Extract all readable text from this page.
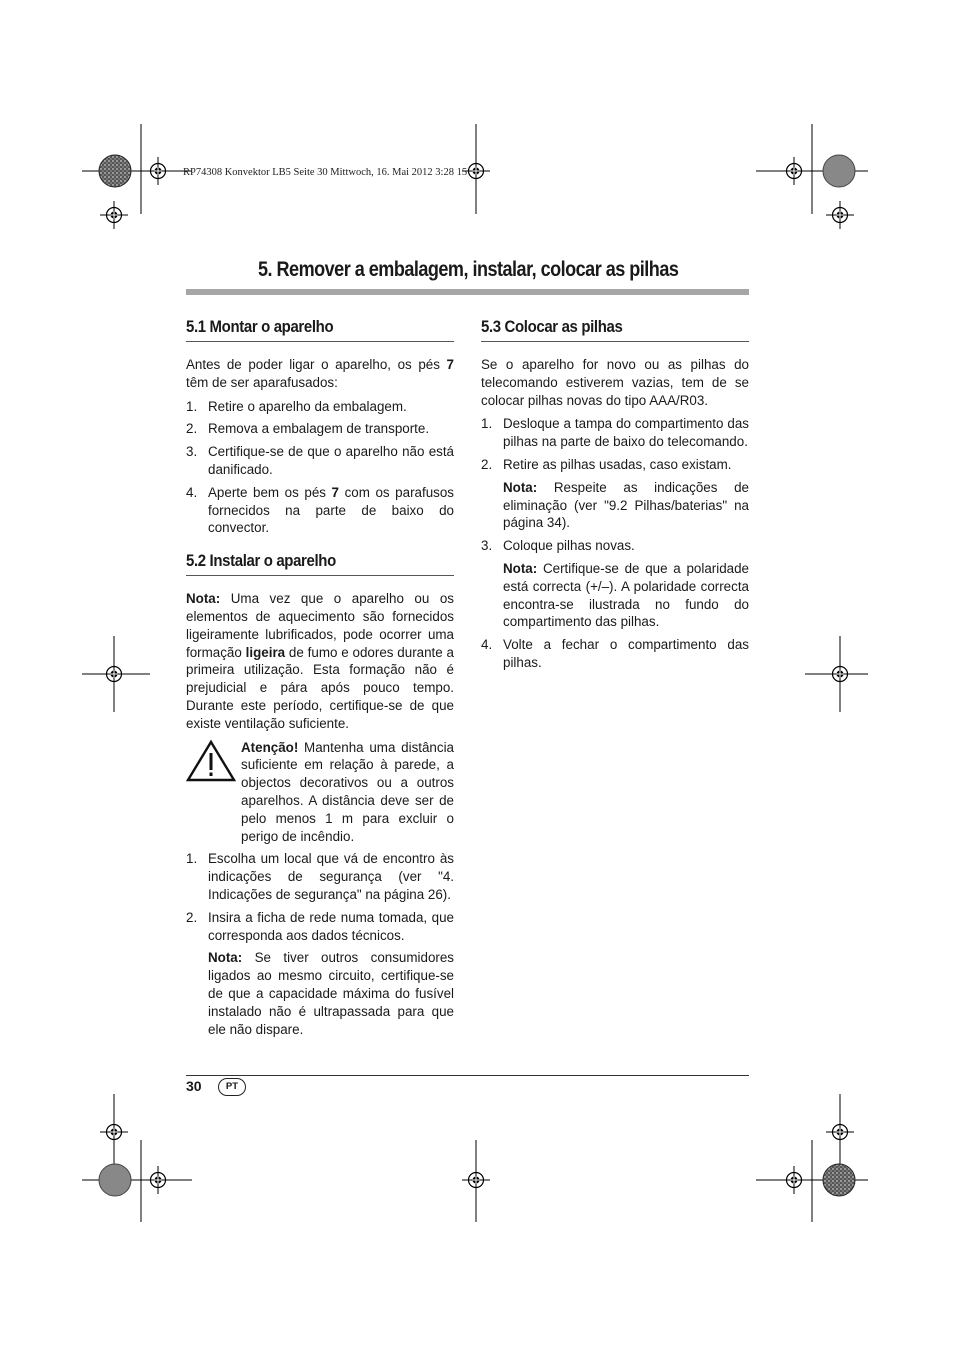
RP74308 Konvektor LB5 Seite 30 Mittwoch, 16. Mai 2012 3:28 15
5. Remover a embalagem, instalar, colocar as pilhas
5.1 Montar o aparelho

Antes de poder ligar o aparelho, os pés 7 têm de ser aparafusados:

1. Retire o aparelho da embalagem.
2. Remova a embalagem de transporte.
3. Certifique-se de que o aparelho não está danificado.
4. Aperte bem os pés 7 com os parafusos fornecidos na parte de baixo do convector.
5.2 Instalar o aparelho

Nota: Uma vez que o aparelho ou os elementos de aquecimento são fornecidos ligeiramente lubrificados, pode ocorrer uma formação ligeira de fumo e odores durante a primeira utilização. Esta formação não é prejudicial e pára após pouco tempo. Durante este período, certifique-se de que existe ventilação suficiente.

Atenção! Mantenha uma distância suficiente em relação à parede, a objectos decorativos ou a outros aparelhos. A distância deve ser de pelo menos 1 m para excluir o perigo de incêndio.

1. Escolha um local que vá de encontro às indicações de segurança (ver "4. Indicações de segurança" na página 26).
2. Insira a ficha de rede numa tomada, que corresponda aos dados técnicos.

Nota: Se tiver outros consumidores ligados ao mesmo circuito, certifique-se de que a capacidade máxima do fusível instalado não é ultrapassada para que ele não dispare.

5.3 Colocar as pilhas

Se o aparelho for novo ou as pilhas do telecomando estiverem vazias, tem de se colocar pilhas novas do tipo AAA/R03.

1. Desloque a tampa do compartimento das pilhas na parte de baixo do telecomando.
2. Retire as pilhas usadas, caso existam.

Nota: Respeite as indicações de eliminação (ver "9.2 Pilhas/baterias" na página 34).

3. Coloque pilhas novas.

Nota: Certifique-se de que a polaridade está correcta (+/–). A polaridade correcta encontra-se ilustrada no fundo do compartimento das pilhas.

4. Volte a fechar o compartimento das pilhas.
30	PT
